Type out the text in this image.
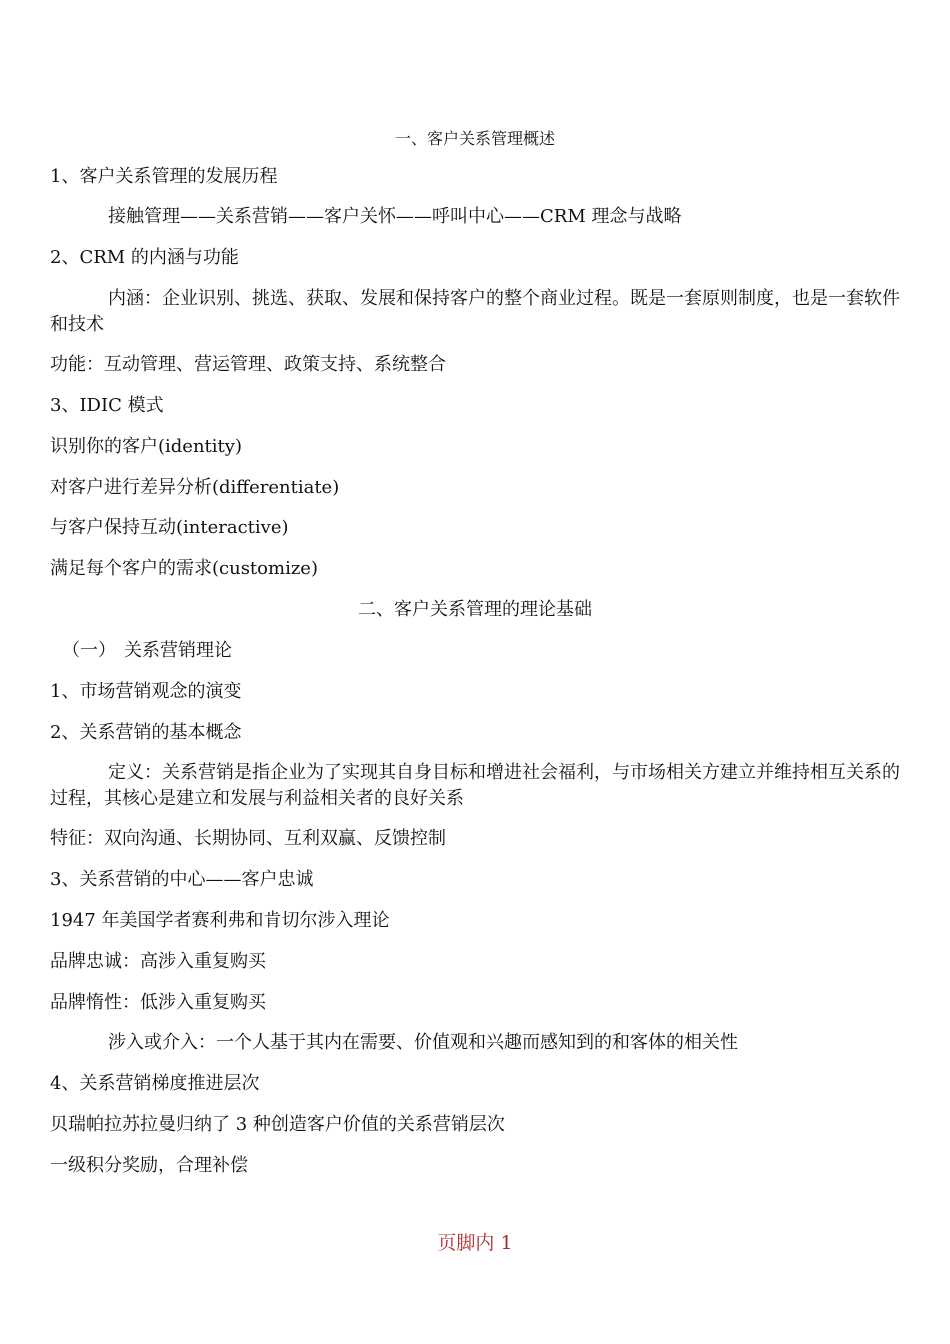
一、客户关系管理概述
1、客户关系管理的发展历程
接触管理——关系营销——客户关怀——呼叫中心——CRM 理念与战略
2、CRM 的内涵与功能
内涵：企业识别、挑选、获取、发展和保持客户的整个商业过程。既是一套原则制度，也是一套软件和技术
功能：互动管理、营运管理、政策支持、系统整合
3、IDIC 模式
识别你的客户(identity)
对客户进行差异分析(differentiate)
与客户保持互动(interactive)
满足每个客户的需求(customize)
二、客户关系管理的理论基础
（一） 关系营销理论
1、市场营销观念的演变
2、关系营销的基本概念
定义：关系营销是指企业为了实现其自身目标和增进社会福利，与市场相关方建立并维持相互关系的过程，其核心是建立和发展与利益相关者的良好关系
特征：双向沟通、长期协同、互利双赢、反馈控制
3、关系营销的中心——客户忠诚
1947 年美国学者赛利弗和肯切尔涉入理论
品牌忠诚：高涉入重复购买
品牌惰性：低涉入重复购买
涉入或介入：一个人基于其内在需要、价值观和兴趣而感知到的和客体的相关性
4、关系营销梯度推进层次
贝瑞帕拉苏拉曼归纳了 3 种创造客户价值的关系营销层次
一级积分奖励，合理补偿
页脚内 1
